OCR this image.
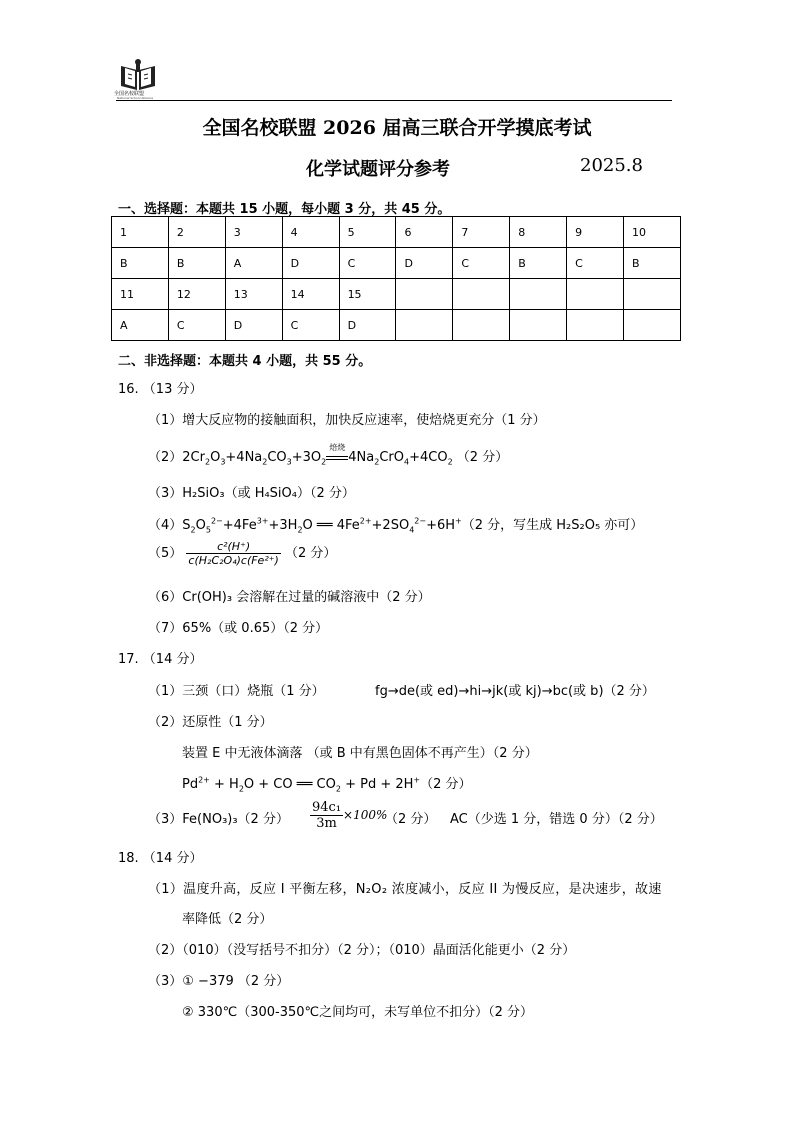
全国名校联盟
National School Alliance
全国名校联盟 2026 届高三联合开学摸底考试
化学试题评分参考	2025.8
一、选择题：本题共 15 小题，每小题 3 分，共 45 分。
1	2	3	4	5	6	7	8	9	10
B	B	A	D	C	D	C	B	C	B
11	12	13	14	15					
A	C	D	C	D					
二、非选择题：本题共 4 小题，共 55 分。
16. （13 分）
（1）增大反应物的接触面积，加快反应速率，使焙烧更充分（1 分）
$(2)2Cr_2O_3+4Na_2CO_3+3O_2$
焙烧
$4Na_2CrO_4+4CO_2$ （2 分）
（3）H₂SiO₃（或 H₄SiO₄）（2 分）
$(4)S_2O_5^{2-}+4Fe^{3+}+3H_2O$ ══ $4Fe^{2+}+2SO_4^{2-}+6H^+(2$ 分，写生成 H₂S₂O₅ 亦可）
$(5) \frac{\text{c²(H⁺)}}{\text{c(H₂C₂O₄)c(Fe²⁺)}} (2$ 分）
（6）Cr(OH)₃ 会溶解在过量的碱溶液中（2 分）
（7）65%（或 0.65）（2 分）
17. （14 分）
（1）三颈（口）烧瓶（1 分）	fg→de(或 ed)→hi→jk(或 kj)→bc(或 b)（2 分）
（2）还原性（1 分）
装置 E 中无液体滴落 （或 B 中有黑色固体不再产生）（2 分）
$Pd^{2+} + H_2O$ + CO ══ $CO_2 + Pd + 2H^+(2$ 分）
（3）Fe(NO₃)₃（2 分） $\frac{\text{94c₁}}{3m} \times 100\%$
（2 分） AC（少选 1 分，错选 0 分）（2 分）
18. （14 分）
（1）温度升高，反应 I 平衡左移，N₂O₂ 浓度减小，反应 II 为慢反应，是决速步，故速
率降低（2 分）
（2）（010）（没写括号不扣分）（2 分）；（010）晶面活化能更小（2 分）
（3）① −379 （2 分）
② 330℃（300-350℃之间均可，未写单位不扣分）（2 分）
